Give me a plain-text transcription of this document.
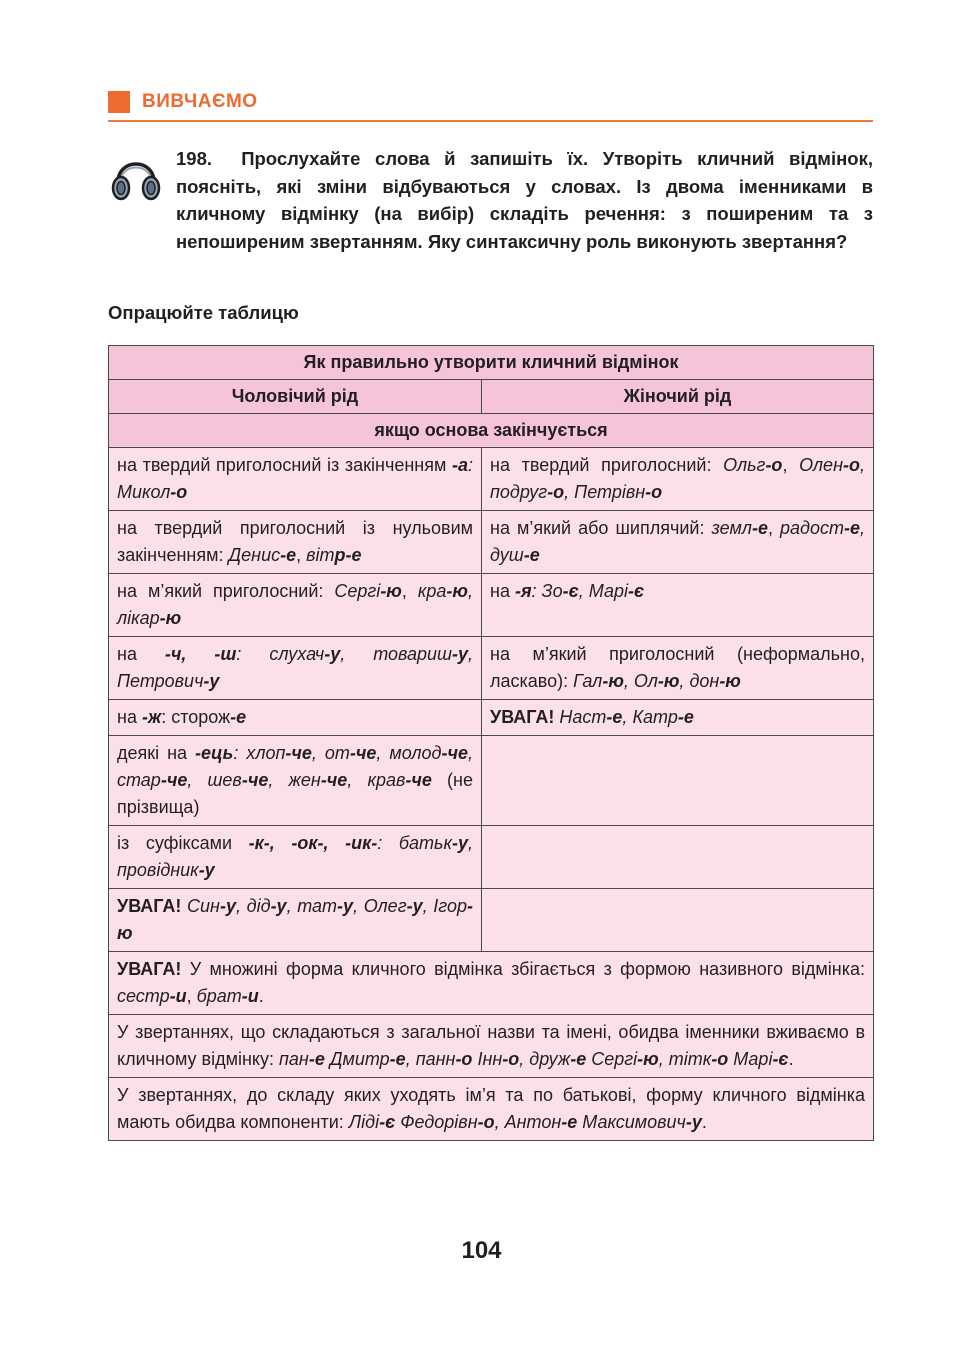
ВИВЧАЄМО
198. Прослухайте слова й запишіть їх. Утворіть кличний відмінок, поясніть, які зміни відбуваються у словах. Із двома іменниками в кличному відмінку (на вибір) складіть речення: з поширеним та з непоширеним звертанням. Яку синтаксичну роль виконують звертання?
Опрацюйте таблицю
Як правильно утворити кличний відмінок	
Чоловічий рід	Жіночий рід
якщо основа закінчується	
на твердий приголосний із закінченням -а: Микол-о	на твердий приголосний: Ольг-о, Олен-о, подруг-о, Петрівн-о
на твердий приголосний із нульовим закінченням: Денис-е, вітр-е	на м’який або шиплячий: земл-е, радост-е, душ-е
на м’який приголосний: Сергі-ю, кра-ю, лікар-ю	на -я: Зо-є, Марі-є
на -ч, -ш: слухач-у, товариш-у, Петрович-у	на м’який приголосний (неформально, ласкаво): Гал-ю, Ол-ю, дон-ю
на -ж: сторож-е	УВАГА! Наст-е, Катр-е
деякі на -ець: хлоп-че, от-че, молод-че, стар-че, шев-че, жен-че, крав-че (не прізвища)	
із суфіксами -к-, -ок-, -ик-: батьк-у, провідник-у	
УВАГА! Син-у, дід-у, тат-у, Олег-у, Ігор-ю	
УВАГА! У множині форма кличного відмінка збігається з формою називного відмінка: сестр-и, брат-и.	
У звертаннях, що складаються з загальної назви та імені, обидва іменники вживаємо в кличному відмінку: пан-е Дмитр-е, панн-о Інн-о, друж-е Сергі-ю, тітк-о Марі-є.	
У звертаннях, до складу яких уходять ім’я та по батькові, форму кличного відмінка мають обидва компоненти: Ліді-є Федорівн-о, Антон-е Максимович-у.	
104
